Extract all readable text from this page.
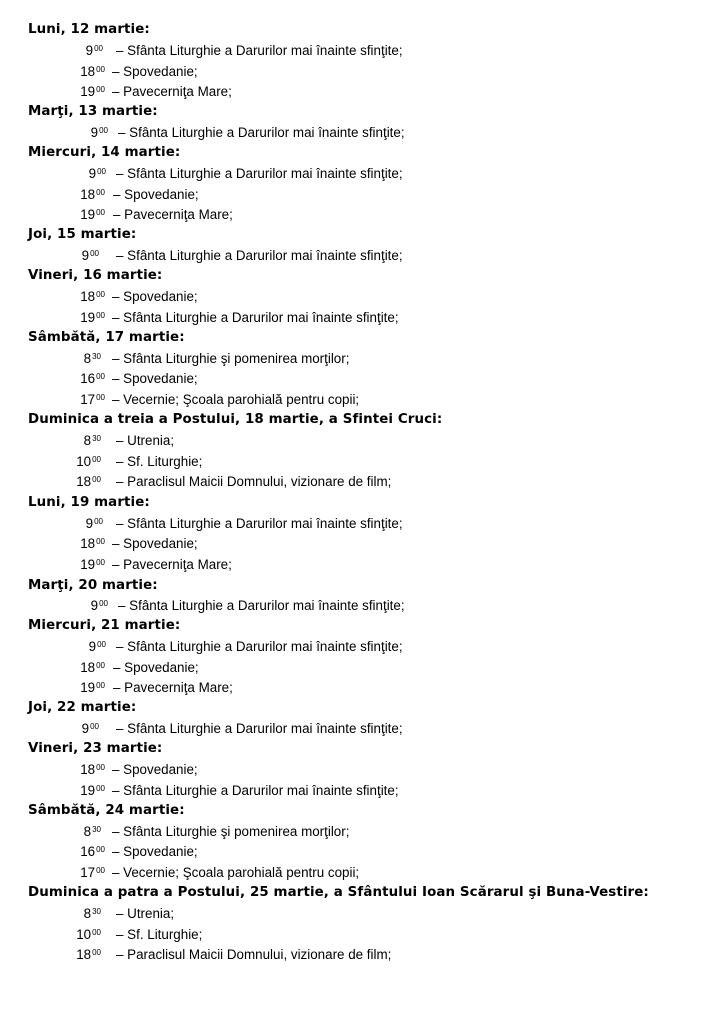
Luni, 12 martie:
$9^{00}$ – Sfânta Liturghie a Darurilor mai înainte sfinţite;
$18^{00}$ – Spovedanie;
$19^{00}$ – Pavecerniţa Mare;
Marţi, 13 martie:
$9^{00}$ – Sfânta Liturghie a Darurilor mai înainte sfinţite;
Miercuri, 14 martie:
$9^{00}$ – Sfânta Liturghie a Darurilor mai înainte sfinţite;
$18^{00}$ – Spovedanie;
$19^{00}$ – Pavecerniţa Mare;
Joi, 15 martie:
$9^{00}$ – Sfânta Liturghie a Darurilor mai înainte sfinţite;
Vineri, 16 martie:
$18^{00}$ – Spovedanie;
$19^{00}$ – Sfânta Liturghie a Darurilor mai înainte sfinţite;
Sâmbătă, 17 martie:
$8^{30}$ – Sfânta Liturghie şi pomenirea morţilor;
$16^{00}$ – Spovedanie;
$17^{00}$ – Vecernie; Şcoala parohială pentru copii;
Duminica a treia a Postului, 18 martie, a Sfintei Cruci:
$8^{30}$ – Utrenia;
$10^{00}$ – Sf. Liturghie;
$18^{00}$ – Paraclisul Maicii Domnului, vizionare de film;
Luni, 19 martie:
$9^{00}$ – Sfânta Liturghie a Darurilor mai înainte sfinţite;
$18^{00}$ – Spovedanie;
$19^{00}$ – Pavecerniţa Mare;
Marţi, 20 martie:
$9^{00}$ – Sfânta Liturghie a Darurilor mai înainte sfinţite;
Miercuri, 21 martie:
$9^{00}$ – Sfânta Liturghie a Darurilor mai înainte sfinţite;
$18^{00}$ – Spovedanie;
$19^{00}$ – Pavecerniţa Mare;
Joi, 22 martie:
$9^{00}$ – Sfânta Liturghie a Darurilor mai înainte sfinţite;
Vineri, 23 martie:
$18^{00}$ – Spovedanie;
$19^{00}$ – Sfânta Liturghie a Darurilor mai înainte sfinţite;
Sâmbătă, 24 martie:
$8^{30}$ – Sfânta Liturghie şi pomenirea morţilor;
$16^{00}$ – Spovedanie;
$17^{00}$ – Vecernie; Şcoala parohială pentru copii;
Duminica a patra a Postului, 25 martie, a Sfântului Ioan Scărarul şi Buna-Vestire:
$8^{30}$ – Utrenia;
$10^{00}$ – Sf. Liturghie;
$18^{00}$ – Paraclisul Maicii Domnului, vizionare de film;
